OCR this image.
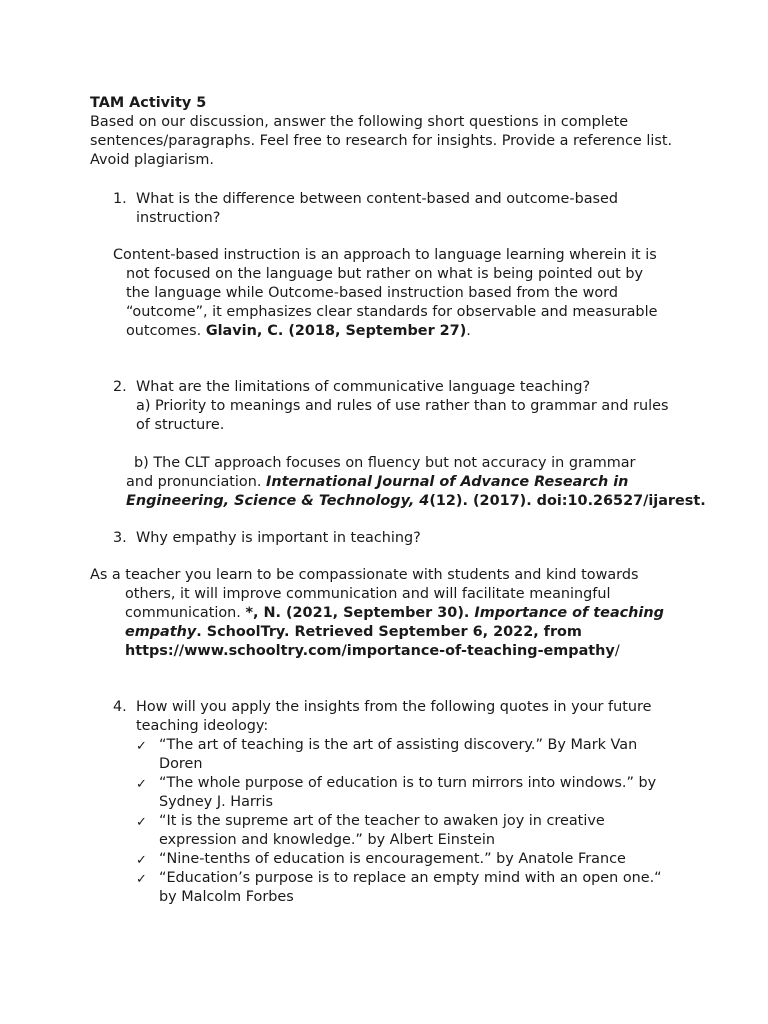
TAM Activity 5
Based on our discussion, answer the following short questions in complete
sentences/paragraphs. Feel free to research for insights. Provide a reference list.
Avoid plagiarism.
1. What is the difference between content-based and outcome-based
instruction?
Content-based instruction is an approach to language learning wherein it is
not focused on the language but rather on what is being pointed out by
the language while Outcome-based instruction based from the word
“outcome”, it emphasizes clear standards for observable and measurable
outcomes. Glavin, C. (2018, September 27).
2. What are the limitations of communicative language teaching?
a) Priority to meanings and rules of use rather than to grammar and rules
of structure.
b) The CLT approach focuses on fluency but not accuracy in grammar
and pronunciation. International Journal of Advance Research in
Engineering, Science & Technology, 4(12). (2017). doi:10.26527/ijarest.
3. Why empathy is important in teaching?
As a teacher you learn to be compassionate with students and kind towards
others, it will improve communication and will facilitate meaningful
communication. *, N. (2021, September 30). Importance of teaching
empathy. SchoolTry. Retrieved September 6, 2022, from
https://www.schooltry.com/importance-of-teaching-empathy/
4. How will you apply the insights from the following quotes in your future
teaching ideology:
✓ “The art of teaching is the art of assisting discovery.” By Mark Van
Doren
✓ “The whole purpose of education is to turn mirrors into windows.” by
Sydney J. Harris
✓ “It is the supreme art of the teacher to awaken joy in creative
expression and knowledge.” by Albert Einstein
✓ “Nine-tenths of education is encouragement.” by Anatole France
✓ “Education’s purpose is to replace an empty mind with an open one.“
by Malcolm Forbes
